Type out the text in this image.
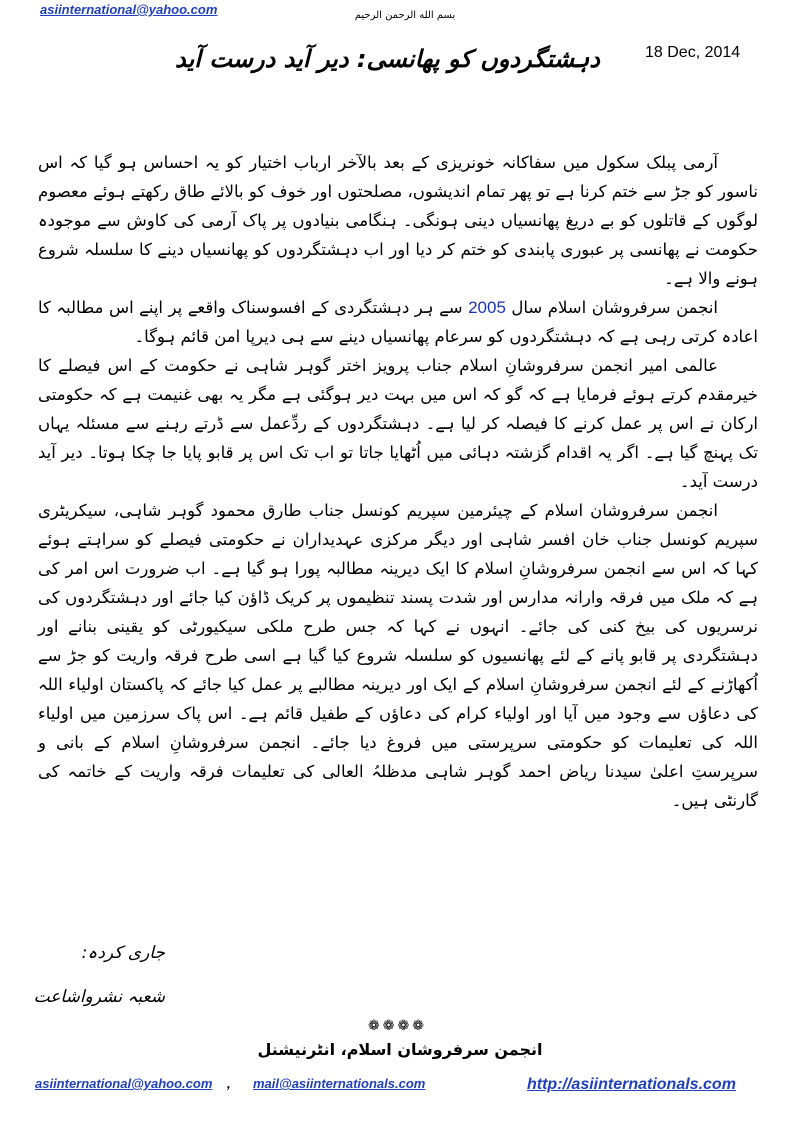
asiinternational@yahoo.com	بسم الله الرحمن الرحيم
18 Dec, 2014
دہشتگردوں کو پھانسی: دیر آید درست آید

آرمی پبلک سکول میں سفاکانہ خونریزی کے بعد بالآخر ارباب اختیار کو یہ احساس ہو گیا کہ اس ناسور کو جڑ سے ختم کرنا ہے تو پھر تمام اندیشوں، مصلحتوں اور خوف کو بالائے طاق رکھتے ہوئے معصوم لوگوں کے قاتلوں کو بے دریغ پھانسیاں دینی ہونگی۔ ہنگامی بنیادوں پر پاک آرمی کی کاوش سے موجودہ حکومت نے پھانسی پر عبوری پابندی کو ختم کر دیا اور اب دہشتگردوں کو پھانسیاں دینے کا سلسلہ شروع ہونے والا ہے۔

انجمن سرفروشان اسلام سال 2005 سے ہر دہشتگردی کے افسوسناک واقعے پر اپنے اس مطالبہ کا اعادہ کرتی رہی ہے کہ دہشتگردوں کو سرعام پھانسیاں دینے سے ہی دیرپا امن قائم ہوگا۔

عالمی امیر انجمن سرفروشانِ اسلام جناب پرویز اختر گوہر شاہی نے حکومت کے اس فیصلے کا خیرمقدم کرتے ہوئے فرمایا ہے کہ گو کہ اس میں بہت دیر ہوگئی ہے مگر یہ بھی غنیمت ہے کہ حکومتی ارکان نے اس پر عمل کرنے کا فیصلہ کر لیا ہے۔ دہشتگردوں کے ردِّعمل سے ڈرتے رہنے سے مسئلہ یہاں تک پہنچ گیا ہے۔ اگر یہ اقدام گزشتہ دہائی میں اُٹھایا جاتا تو اب تک اس پر قابو پایا جا چکا ہوتا۔ دیر آید درست آید۔

انجمن سرفروشان اسلام کے چیئرمین سپریم کونسل جناب طارق محمود گوہر شاہی، سیکریٹری سپریم کونسل جناب خان افسر شاہی اور دیگر مرکزی عہدیداران نے حکومتی فیصلے کو سراہتے ہوئے کہا کہ اس سے انجمن سرفروشانِ اسلام کا ایک دیرینہ مطالبہ پورا ہو گیا ہے۔ اب ضرورت اس امر کی ہے کہ ملک میں فرقہ وارانہ مدارس اور شدت پسند تنظیموں پر کریک ڈاؤن کیا جائے اور دہشتگردوں کی نرسریوں کی بیخ کنی کی جائے۔ انہوں نے کہا کہ جس طرح ملکی سیکیورٹی کو یقینی بنانے اور دہشتگردی پر قابو پانے کے لئے پھانسیوں کو سلسلہ شروع کیا گیا ہے اسی طرح فرقہ واریت کو جڑ سے اُکھاڑنے کے لئے انجمن سرفروشانِ اسلام کے ایک اور دیرینہ مطالبے پر عمل کیا جائے کہ پاکستان اولیاء اللہ کی دعاؤں سے وجود میں آیا اور اولیاء کرام کی دعاؤں کے طفیل قائم ہے۔ اس پاک سرزمین میں اولیاء اللہ کی تعلیمات کو حکومتی سرپرستی میں فروغ دیا جائے۔ انجمن سرفروشانِ اسلام کے بانی و سرپرستِ اعلیٰ سیدنا ریاض احمد گوہر شاہی مدظلہُ العالی کی تعلیمات فرقہ واریت کے خاتمہ کی گارنٹی ہیں۔

جاری کردہ:
شعبہ نشرواشاعت
❁❁❁❁
انجمن سرفروشان اسلام، انٹرنیشنل
asiinternational@yahoo.com , mail@asiinternationals.com	http://asiinternationals.com
